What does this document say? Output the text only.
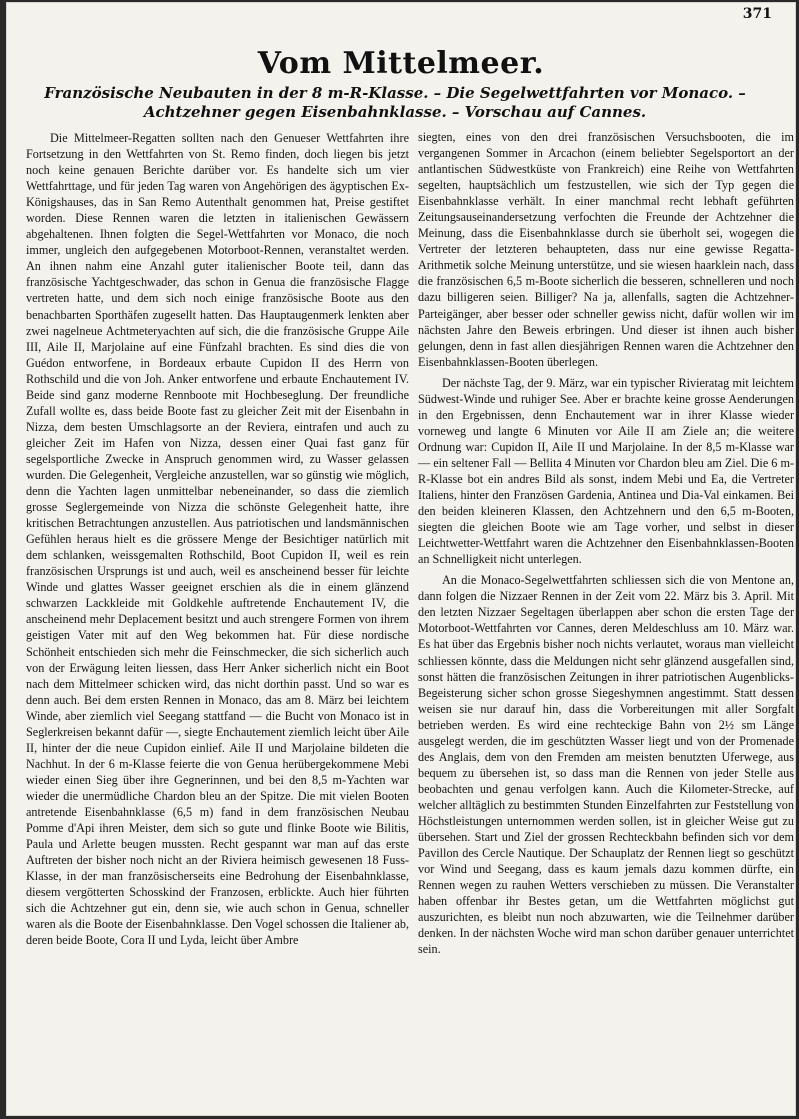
371
Vom Mittelmeer.
Französische Neubauten in der 8 m-R-Klasse. – Die Segelwettfahrten vor Monaco. – Achtzehner gegen Eisenbahnklasse. – Vorschau auf Cannes.

Die Mittelmeer-Regatten sollten nach den Genueser Wettfahrten ihre Fortsetzung in den Wettfahrten von St. Remo finden, doch liegen bis jetzt noch keine genauen Berichte darüber vor. Es handelte sich um vier Wettfahrttage, und für jeden Tag waren von Angehörigen des ägyptischen Ex-Königshauses, das in San Remo Autenthalt genommen hat, Preise gestiftet worden. Diese Rennen waren die letzten in italienischen Gewässern abgehaltenen. Ihnen folgten die Segel-Wettfahrten vor Monaco, die noch immer, ungleich den aufgegebenen Motorboot-Rennen, veranstaltet werden. An ihnen nahm eine Anzahl guter italienischer Boote teil, dann das französische Yachtgeschwader, das schon in Genua die französische Flagge vertreten hatte, und dem sich noch einige französische Boote aus den benachbarten Sporthäfen zugesellt hatten. Das Hauptaugenmerk lenkten aber zwei nagelneue Achtmeteryachten auf sich, die die französische Gruppe Aile III, Aile II, Marjolaine auf eine Fünfzahl brachten. Es sind dies die von Guédon entworfene, in Bordeaux erbaute Cupidon II des Herrn von Rothschild und die von Joh. Anker entworfene und erbaute Enchautement IV. Beide sind ganz moderne Rennboote mit Hochbeseglung. Der freundliche Zufall wollte es, dass beide Boote fast zu gleicher Zeit mit der Eisenbahn in Nizza, dem besten Umschlagsorte an der Reviera, eintrafen und auch zu gleicher Zeit im Hafen von Nizza, dessen einer Quai fast ganz für segelsportliche Zwecke in Anspruch genommen wird, zu Wasser gelassen wurden. Die Gelegenheit, Vergleiche anzustellen, war so günstig wie möglich, denn die Yachten lagen unmittelbar nebeneinander, so dass die ziemlich grosse Seglergemeinde von Nizza die schönste Gelegenheit hatte, ihre kritischen Betrachtungen anzustellen. Aus patriotischen und landsmännischen Gefühlen heraus hielt es die grössere Menge der Besichtiger natürlich mit dem schlanken, weissgemalten Rothschild, Boot Cupidon II, weil es rein französischen Ursprungs ist und auch, weil es anscheinend besser für leichte Winde und glattes Wasser geeignet erschien als die in einem glänzend schwarzen Lackkleide mit Goldkehle auftretende Enchautement IV, die anscheinend mehr Deplacement besitzt und auch strengere Formen von ihrem geistigen Vater mit auf den Weg bekommen hat. Für diese nordische Schönheit entschieden sich mehr die Feinschmecker, die sich sicherlich auch von der Erwägung leiten liessen, dass Herr Anker sicherlich nicht ein Boot nach dem Mittelmeer schicken wird, das nicht dorthin passt. Und so war es denn auch. Bei dem ersten Rennen in Monaco, das am 8. März bei leichtem Winde, aber ziemlich viel Seegang stattfand — die Bucht von Monaco ist in Seglerkreisen bekannt dafür —, siegte Enchautement ziemlich leicht über Aile II, hinter der die neue Cupidon einlief. Aile II und Marjolaine bildeten die Nachhut. In der 6 m-Klasse feierte die von Genua herübergekommene Mebi wieder einen Sieg über ihre Gegnerinnen, und bei den 8,5 m-Yachten war wieder die unermüdliche Chardon bleu an der Spitze. Die mit vielen Booten antretende Eisenbahnklasse (6,5 m) fand in dem französischen Neubau Pomme d'Api ihren Meister, dem sich so gute und flinke Boote wie Bilitis, Paula und Arlette beugen mussten. Recht gespannt war man auf das erste Auftreten der bisher noch nicht an der Riviera heimisch gewesenen 18 Fuss-Klasse, in der man französischerseits eine Bedrohung der Eisenbahnklasse, diesem vergötterten Schosskind der Franzosen, erblickte. Auch hier führten sich die Achtzehner gut ein, denn sie, wie auch schon in Genua, schneller waren als die Boote der Eisenbahnklasse. Den Vogel schossen die Italiener ab, deren beide Boote, Cora II und Lyda, leicht über Ambre

siegten, eines von den drei französischen Versuchsbooten, die im vergangenen Sommer in Arcachon (einem beliebter Segelsportort an der antlantischen Südwestküste von Frankreich) eine Reihe von Wettfahrten segelten, hauptsächlich um festzustellen, wie sich der Typ gegen die Eisenbahnklasse verhält. In einer manchmal recht lebhaft geführten Zeitungsauseinandersetzung verfochten die Freunde der Achtzehner die Meinung, dass die Eisenbahnklasse durch sie überholt sei, wogegen die Vertreter der letzteren behaupteten, dass nur eine gewisse Regatta-Arithmetik solche Meinung unterstütze, und sie wiesen haarklein nach, dass die französischen 6,5 m-Boote sicherlich die besseren, schnelleren und noch dazu billigeren seien. Billiger? Na ja, allenfalls, sagten die Achtzehner-Parteigänger, aber besser oder schneller gewiss nicht, dafür wollen wir im nächsten Jahre den Beweis erbringen. Und dieser ist ihnen auch bisher gelungen, denn in fast allen diesjährigen Rennen waren die Achtzehner den Eisenbahnklassen-Booten überlegen.

Der nächste Tag, der 9. März, war ein typischer Rivieratag mit leichtem Südwest-Winde und ruhiger See. Aber er brachte keine grosse Aenderungen in den Ergebnissen, denn Enchautement war in ihrer Klasse wieder vorneweg und langte 6 Minuten vor Aile II am Ziele an; die weitere Ordnung war: Cupidon II, Aile II und Marjolaine. In der 8,5 m-Klasse war — ein seltener Fall — Bellita 4 Minuten vor Chardon bleu am Ziel. Die 6 m-R-Klasse bot ein andres Bild als sonst, indem Mebi und Ea, die Vertreter Italiens, hinter den Französen Gardenia, Antinea und Dia-Val einkamen. Bei den beiden kleineren Klassen, den Achtzehnern und den 6,5 m-Booten, siegten die gleichen Boote wie am Tage vorher, und selbst in dieser Leichtwetter-Wettfahrt waren die Achtzehner den Eisenbahnklassen-Booten an Schnelligkeit nicht unterlegen.

An die Monaco-Segelwettfahrten schliessen sich die von Mentone an, dann folgen die Nizzaer Rennen in der Zeit vom 22. März bis 3. April. Mit den letzten Nizzaer Segeltagen überlappen aber schon die ersten Tage der Motorboot-Wettfahrten vor Cannes, deren Meldeschluss am 10. März war. Es hat über das Ergebnis bisher noch nichts verlautet, woraus man vielleicht schliessen könnte, dass die Meldungen nicht sehr glänzend ausgefallen sind, sonst hätten die französischen Zeitungen in ihrer patriotischen Augenblicks-Begeisterung sicher schon grosse Siegeshymnen angestimmt. Statt dessen weisen sie nur darauf hin, dass die Vorbereitungen mit aller Sorgfalt betrieben werden. Es wird eine rechteckige Bahn von 2½ sm Länge ausgelegt werden, die im geschützten Wasser liegt und von der Promenade des Anglais, dem von den Fremden am meisten benutzten Uferwege, aus bequem zu übersehen ist, so dass man die Rennen von jeder Stelle aus beobachten und genau verfolgen kann. Auch die Kilometer-Strecke, auf welcher alltäglich zu bestimmten Stunden Einzelfahrten zur Feststellung von Höchstleistungen unternommen werden sollen, ist in gleicher Weise gut zu übersehen. Start und Ziel der grossen Rechteckbahn befinden sich vor dem Pavillon des Cercle Nautique. Der Schauplatz der Rennen liegt so geschützt vor Wind und Seegang, dass es kaum jemals dazu kommen dürfte, ein Rennen wegen zu rauhen Wetters verschieben zu müssen. Die Veranstalter haben offenbar ihr Bestes getan, um die Wettfahrten möglichst gut auszurichten, es bleibt nun noch abzuwarten, wie die Teilnehmer darüber denken. In der nächsten Woche wird man schon darüber genauer unterrichtet sein.
